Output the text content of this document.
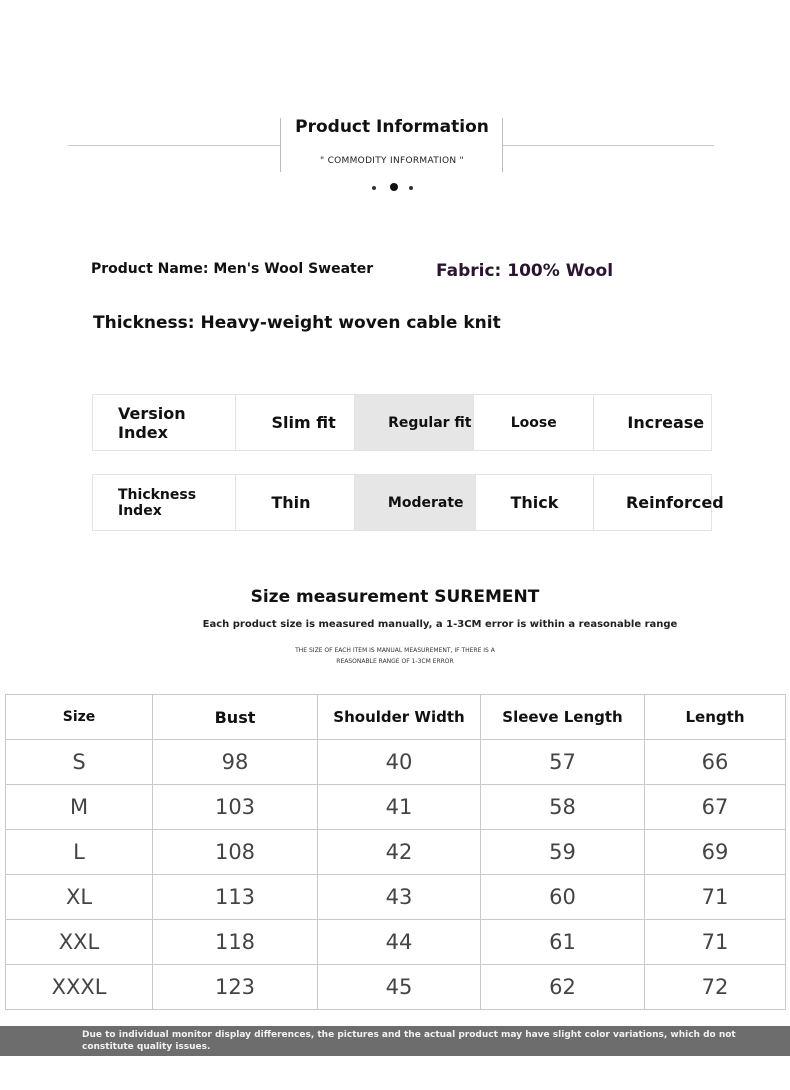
Product Information
" COMMODITY INFORMATION "
Product Name: Men's Wool Sweater	Fabric: 100% Wool
Thickness: Heavy-weight woven cable knit
Version Index	Slim fit	Regular fit	Loose	Increase
Thickness Index	Thin	Moderate	Thick	Reinforced
Size measurement SUREMENT
Each product size is measured manually, a 1-3CM error is within a reasonable range
THE SIZE OF EACH ITEM IS MANUAL MEASUREMENT, IF THERE IS A
REASONABLE RANGE OF 1-3CM ERROR
Size	Bust	Shoulder Width	Sleeve Length	Length
S	98	40	57	66
M	103	41	58	67
L	108	42	59	69
XL	113	43	60	71
XXL	118	44	61	71
XXXL	123	45	62	72
Due to individual monitor display differences, the pictures and the actual product may have slight color variations, which do not constitute quality issues.
